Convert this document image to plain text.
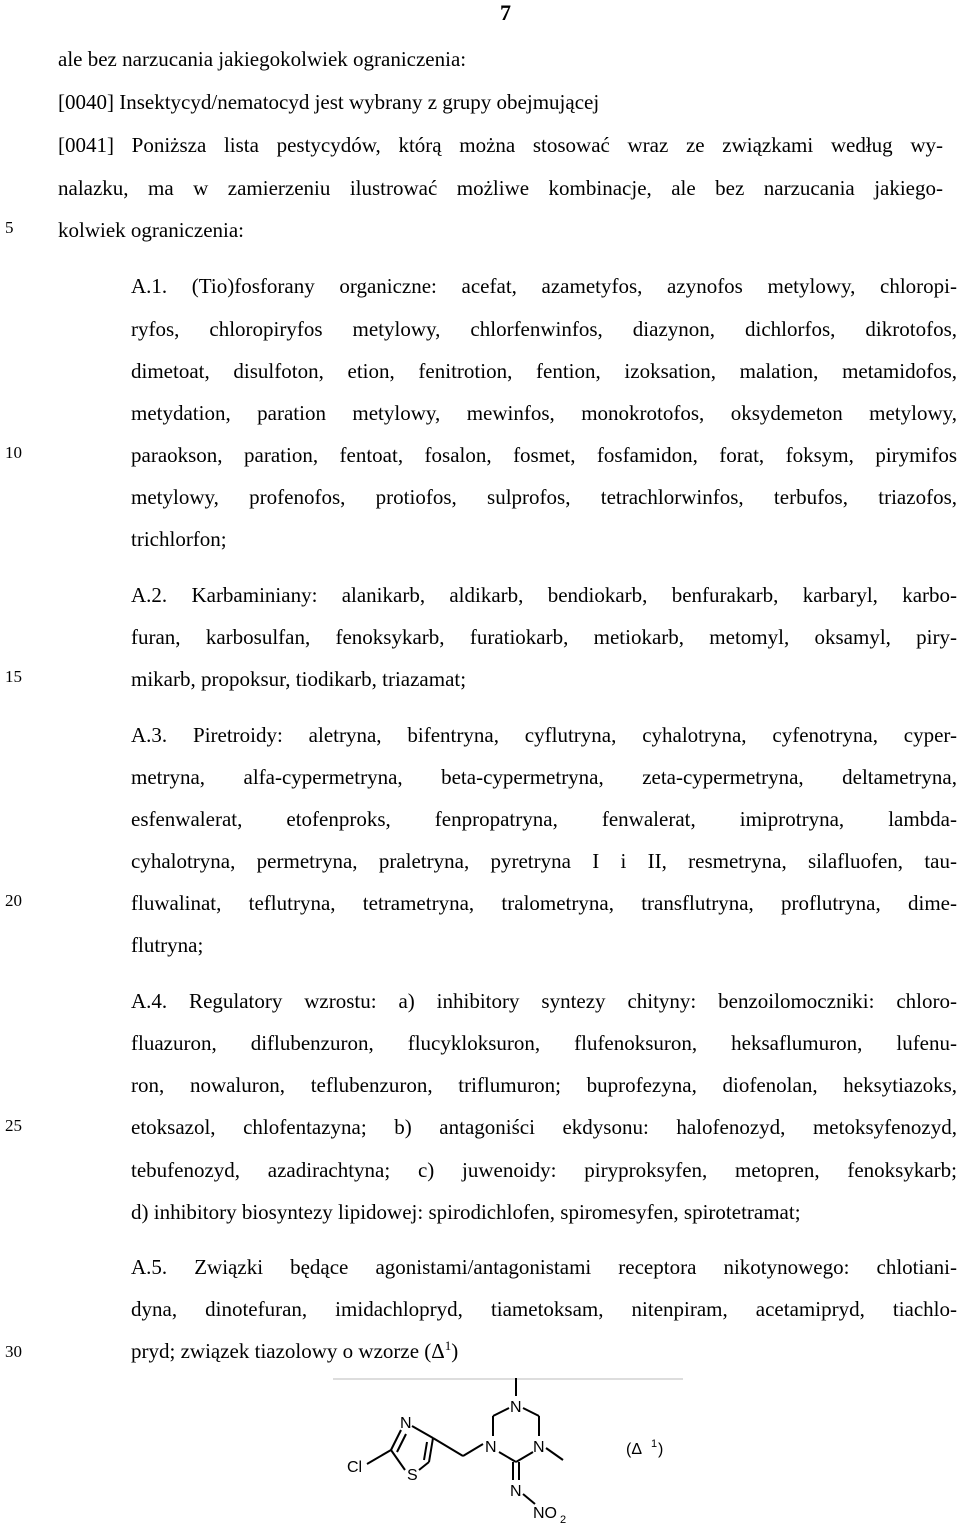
7
5
10
15
20
25
30
ale bez narzucania jakiegokolwiek ograniczenia:
[0040] Insektycyd/nematocyd jest wybrany z grupy obejmującej
[0041] Poniższa lista pestycydów, którą można stosować wraz ze związkami według wy-
nalazku, ma w zamierzeniu ilustrować możliwe kombinacje, ale bez narzucania jakiego-
kolwiek ograniczenia:
A.1. (Tio)fosforany organiczne: acefat, azametyfos, azynofos metylowy, chloropi-
ryfos, chloropiryfos metylowy, chlorfenwinfos, diazynon, dichlorfos, dikrotofos,
dimetoat, disulfoton, etion, fenitrotion, fention, izoksation, malation, metamidofos,
metydation, paration metylowy, mewinfos, monokrotofos, oksydemeton metylowy,
paraokson, paration, fentoat, fosalon, fosmet, fosfamidon, forat, foksym, pirymifos
metylowy, profenofos, protiofos, sulprofos, tetrachlorwinfos, terbufos, triazofos,
trichlorfon;
A.2. Karbaminiany: alanikarb, aldikarb, bendiokarb, benfurakarb, karbaryl, karbo-
furan, karbosulfan, fenoksykarb, furatiokarb, metiokarb, metomyl, oksamyl, piry-
mikarb, propoksur, tiodikarb, triazamat;
A.3. Piretroidy: aletryna, bifentryna, cyflutryna, cyhalotryna, cyfenotryna, cyper-
metryna, alfa-cypermetryna, beta-cypermetryna, zeta-cypermetryna, deltametryna,
esfenwalerat, etofenproks, fenpropatryna, fenwalerat, imiprotryna, lambda-
cyhalotryna, permetryna, praletryna, pyretryna I i II, resmetryna, silafluofen, tau-
fluwalinat, teflutryna, tetrametryna, tralometryna, transflutryna, proflutryna, dime-
flutryna;
A.4. Regulatory wzrostu: a) inhibitory syntezy chityny: benzoilomoczniki: chloro-
fluazuron, diflubenzuron, flucykloksuron, flufenoksuron, heksaflumuron, lufenu-
ron, nowaluron, teflubenzuron, triflumuron; buprofezyna, diofenolan, heksytiazoks,
etoksazol, chlofentazyna; b) antagoniści ekdysonu: halofenozyd, metoksyfenozyd,
tebufenozyd, azadirachtyna; c) juwenoidy: piryproksyfen, metopren, fenoksykarb;
d) inhibitory biosyntezy lipidowej: spirodichlofen, spiromesyfen, spirotetramat;
A.5. Związki będące agonistami/antagonistami receptora nikotynowego: chlotiani-
dyna, dinotefuran, imidachlopryd, tiametoksam, nitenpiram, acetamipryd, tiachlo-
pryd; związek tiazolowy o wzorze $(\Delta^1)$
Cl	S
N
N
N N
N
NO 2
(Δ 1 )
